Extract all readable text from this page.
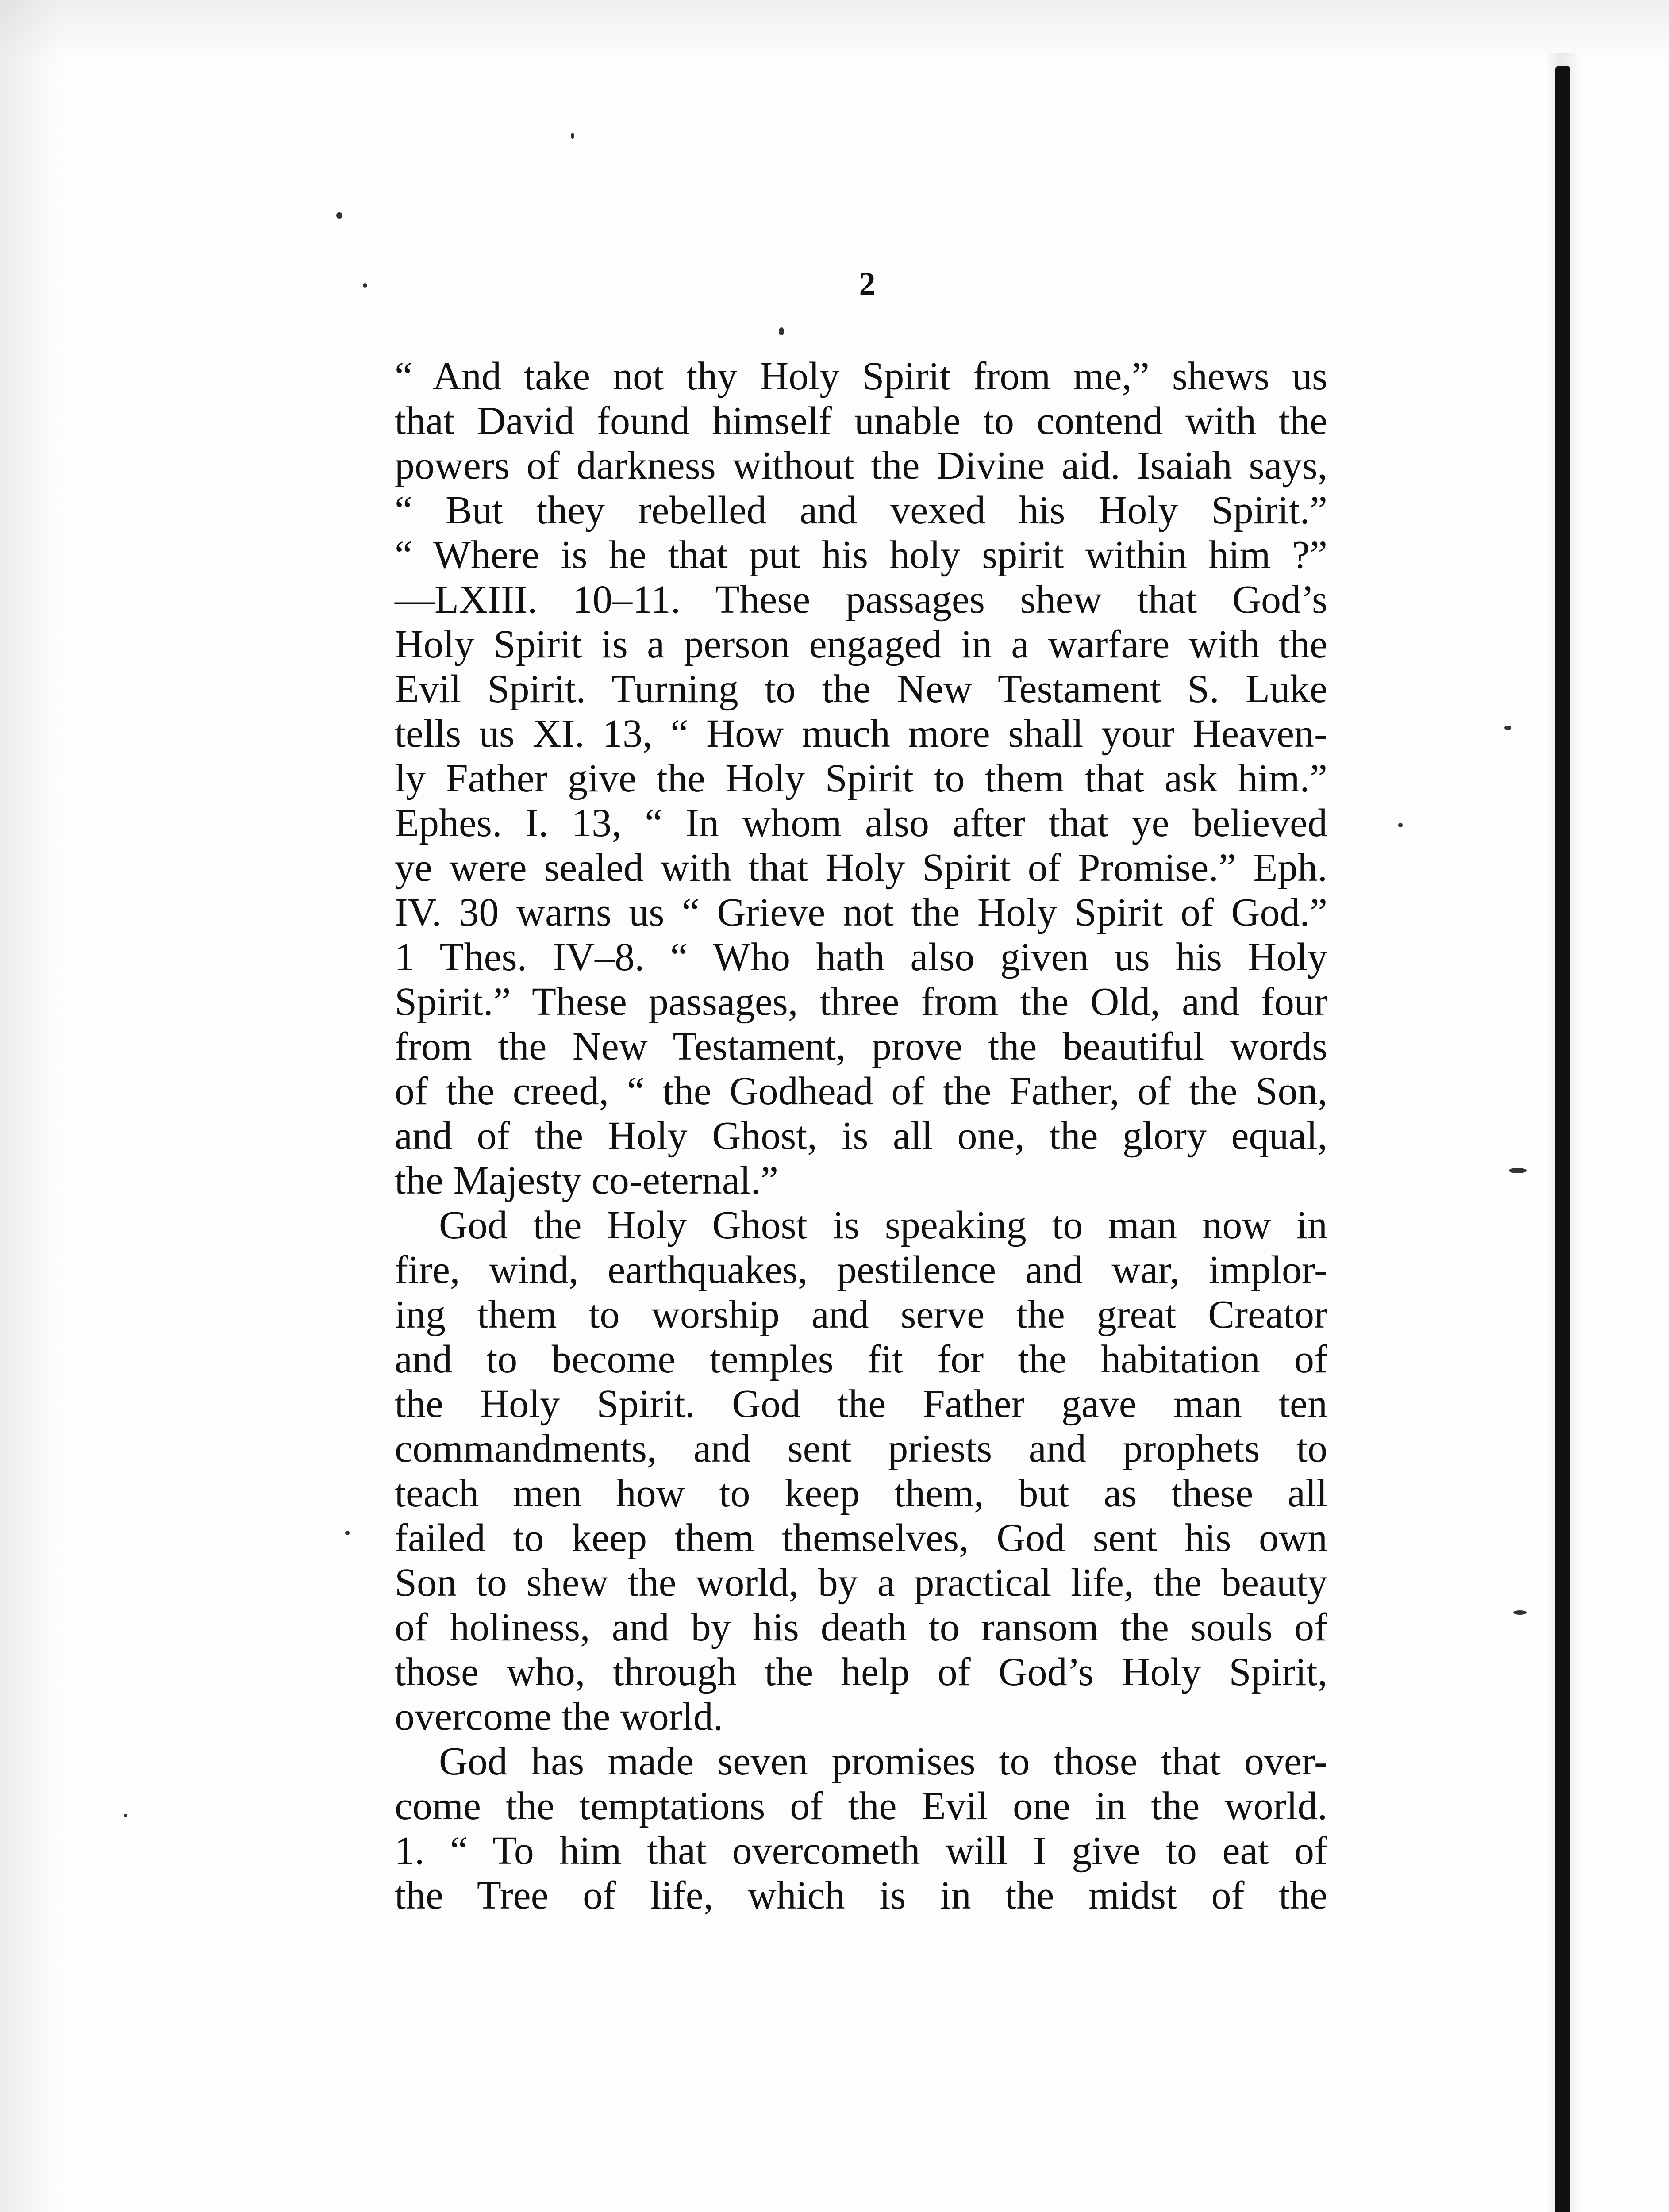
2
“ And take not thy Holy Spirit from me,” shews us
that David found himself unable to contend with the
powers of darkness without the Divine aid. Isaiah says,
“ But they rebelled and vexed his Holy Spirit.”
“ Where is he that put his holy spirit within him ?”
—LXIII. 10–11. These passages shew that God’s
Holy Spirit is a person engaged in a warfare with the
Evil Spirit. Turning to the New Testament S. Luke
tells us XI. 13, “ How much more shall your Heaven-
ly Father give the Holy Spirit to them that ask him.”
Ephes. I. 13, “ In whom also after that ye believed
ye were sealed with that Holy Spirit of Promise.” Eph.
IV. 30 warns us “ Grieve not the Holy Spirit of God.”
1 Thes. IV–8. “ Who hath also given us his Holy
Spirit.” These passages, three from the Old, and four
from the New Testament, prove the beautiful words
of the creed, “ the Godhead of the Father, of the Son,
and of the Holy Ghost, is all one, the glory equal,
the Majesty co-eternal.”
God the Holy Ghost is speaking to man now in
fire, wind, earthquakes, pestilence and war, implor-
ing them to worship and serve the great Creator
and to become temples fit for the habitation of
the Holy Spirit. God the Father gave man ten
commandments, and sent priests and prophets to
teach men how to keep them, but as these all
failed to keep them themselves, God sent his own
Son to shew the world, by a practical life, the beauty
of holiness, and by his death to ransom the souls of
those who, through the help of God’s Holy Spirit,
overcome the world.
God has made seven promises to those that over-
come the temptations of the Evil one in the world.
1. “ To him that overcometh will I give to eat of
the Tree of life, which is in the midst of the
